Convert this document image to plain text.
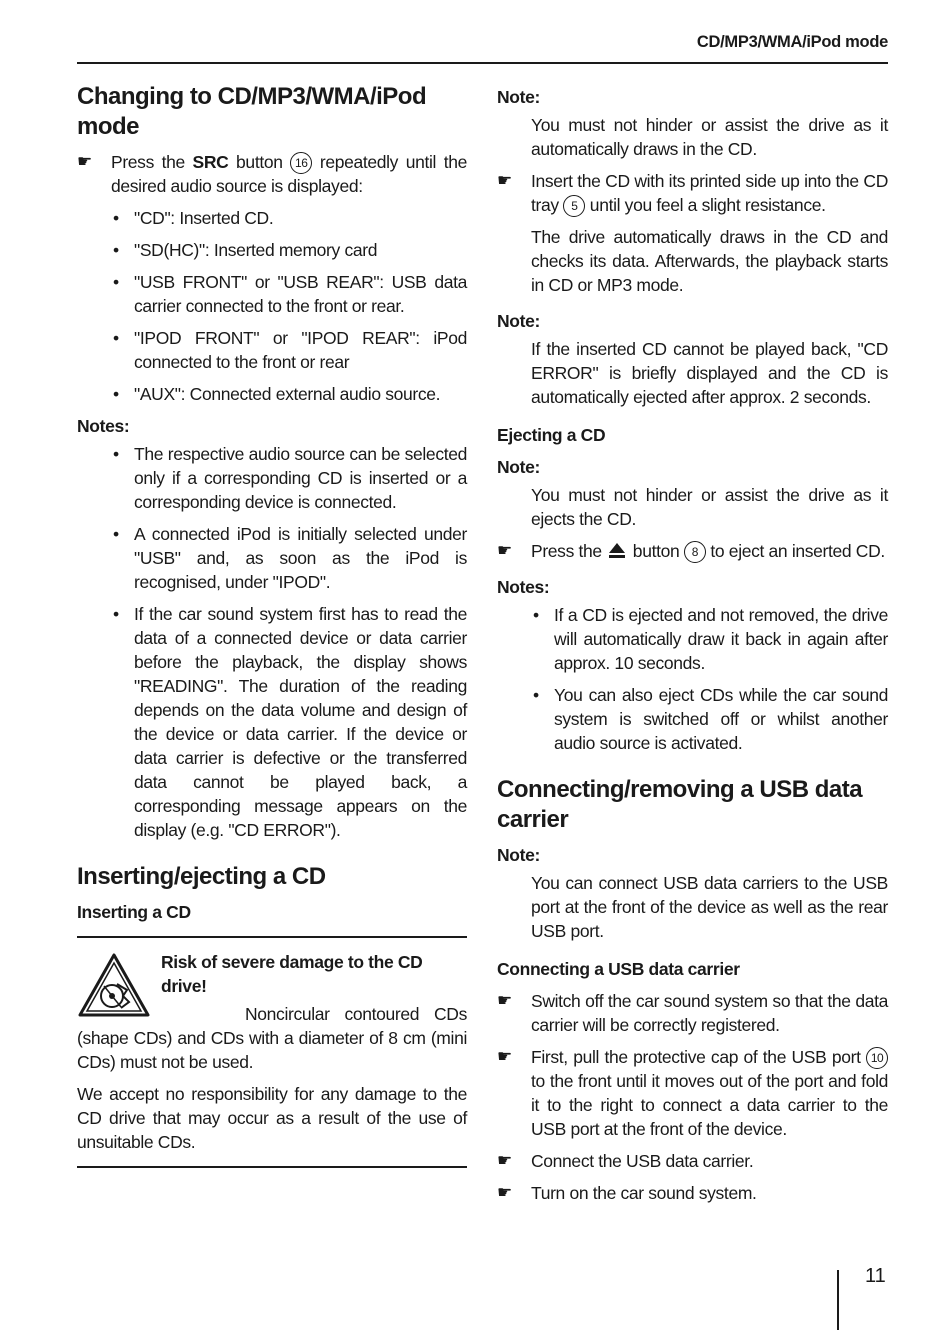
CD/MP3/WMA/iPod mode
Changing to CD/MP3/WMA/iPod mode
☛ Press the SRC button 16 repeatedly until the desired audio source is displayed:
• "CD": Inserted CD.
• "SD(HC)": Inserted memory card
• "USB FRONT" or "USB REAR": USB data carrier connected to the front or rear.
• "IPOD FRONT" or "IPOD REAR": iPod connected to the front or rear
• "AUX": Connected external audio source.

Notes:

• The respective audio source can be selected only if a corresponding CD is inserted or a corresponding device is connected.
• A connected iPod is initially selected under "USB" and, as soon as the iPod is recognised, under "IPOD".
• If the car sound system first has to read the data of a connected device or data carrier before the playback, the display shows "READING". The duration of the reading depends on the data volume and design of the device or data carrier. If the device or data carrier is defective or the transferred data cannot be played back, a corresponding message appears on the display (e.g. "CD ERROR").
Inserting/ejecting a CD
Inserting a CD

Risk of severe damage to the CD drive!

Noncircular contoured CDs (shape CDs) and CDs with a diameter of 8 cm (mini CDs) must not be used.

We accept no responsibility for any damage to the CD drive that may occur as a result of the use of unsuitable CDs.

Note:

You must not hinder or assist the drive as it automatically draws in the CD.

☛ Insert the CD with its printed side up into the CD tray 5 until you feel a slight resistance.

The drive automatically draws in the CD and checks its data. Afterwards, the playback starts in CD or MP3 mode.

Note:

If the inserted CD cannot be played back, "CD ERROR" is briefly displayed and the CD is automatically ejected after approx. 2 seconds.

Ejecting a CD

Note:

You must not hinder or assist the drive as it ejects the CD.

☛ Press the  button 8 to eject an inserted CD.

Notes:

• If a CD is ejected and not removed, the drive will automatically draw it back in again after approx. 10 seconds.
• You can also eject CDs while the car sound system is switched off or whilst another audio source is activated.
Connecting/removing a USB data carrier

Note:

You can connect USB data carriers to the USB port at the front of the device as well as the rear USB port.

Connecting a USB data carrier
☛ Switch off the car sound system so that the data carrier will be correctly registered.
☛ First, pull the protective cap of the USB port 10 to the front until it moves out of the port and fold it to the right to connect a data carrier to the USB port at the front of the device.
☛ Connect the USB data carrier.
☛ Turn on the car sound system.
11
